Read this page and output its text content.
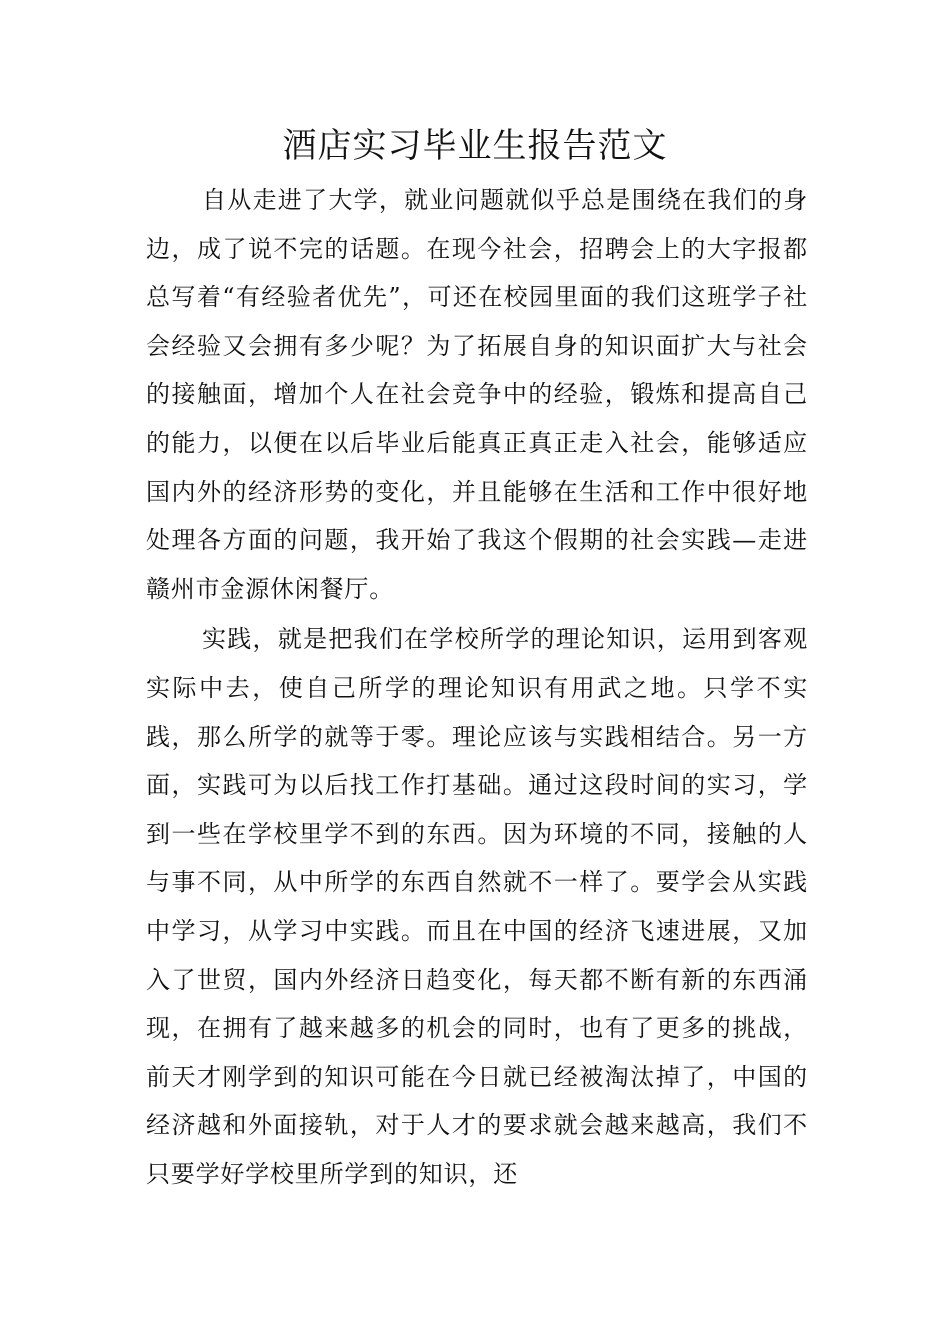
酒店实习毕业生报告范文

自从走进了大学，就业问题就似乎总是围绕在我们的身边，成了说不完的话题。在现今社会，招聘会上的大字报都总写着“有经验者优先”，可还在校园里面的我们这班学子社会经验又会拥有多少呢？为了拓展自身的知识面扩大与社会的接触面，增加个人在社会竞争中的经验，锻炼和提高自己的能力，以便在以后毕业后能真正真正走入社会，能够适应国内外的经济形势的变化，并且能够在生活和工作中很好地处理各方面的问题，我开始了我这个假期的社会实践—走进赣州市金源休闲餐厅。

实践，就是把我们在学校所学的理论知识，运用到客观实际中去，使自己所学的理论知识有用武之地。只学不实践，那么所学的就等于零。理论应该与实践相结合。另一方面，实践可为以后找工作打基础。通过这段时间的实习，学到一些在学校里学不到的东西。因为环境的不同，接触的人与事不同，从中所学的东西自然就不一样了。要学会从实践中学习，从学习中实践。而且在中国的经济飞速进展，又加入了世贸，国内外经济日趋变化，每天都不断有新的东西涌现，在拥有了越来越多的机会的同时，也有了更多的挑战，前天才刚学到的知识可能在今日就已经被淘汰掉了，中国的经济越和外面接轨，对于人才的要求就会越来越高，我们不只要学好学校里所学到的知识，还
